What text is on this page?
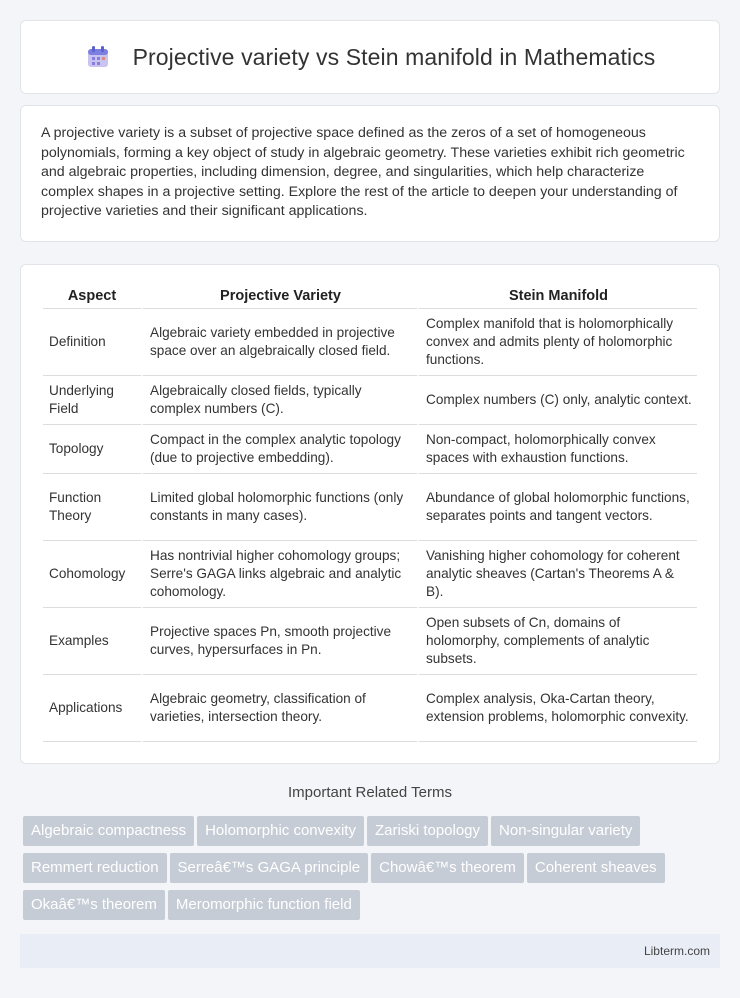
Projective variety vs Stein manifold in Mathematics

A projective variety is a subset of projective space defined as the zeros of a set of homogeneous polynomials, forming a key object of study in algebraic geometry. These varieties exhibit rich geometric and algebraic properties, including dimension, degree, and singularities, which help characterize complex shapes in a projective setting. Explore the rest of the article to deepen your understanding of projective varieties and their significant applications.

Aspect	Projective Variety	Stein Manifold
Definition	Algebraic variety embedded in projective space over an algebraically closed field.	Complex manifold that is holomorphically convex and admits plenty of holomorphic functions.
Underlying Field	Algebraically closed fields, typically complex numbers (C).	Complex numbers (C) only, analytic context.
Topology	Compact in the complex analytic topology (due to projective embedding).	Non-compact, holomorphically convex spaces with exhaustion functions.
Function Theory	Limited global holomorphic functions (only constants in many cases).	Abundance of global holomorphic functions, separates points and tangent vectors.
Cohomology	Has nontrivial higher cohomology groups; Serre's GAGA links algebraic and analytic cohomology.	Vanishing higher cohomology for coherent analytic sheaves (Cartan's Theorems A & B).
Examples	Projective spaces Pn, smooth projective curves, hypersurfaces in Pn.	Open subsets of Cn, domains of holomorphy, complements of analytic subsets.
Applications	Algebraic geometry, classification of varieties, intersection theory.	Complex analysis, Oka-Cartan theory, extension problems, holomorphic convexity.
Important Related Terms
Algebraic compactness Holomorphic convexity Zariski topology Non-singular varietyRemmert reduction Serreâ€™s GAGA principle Chowâ€™s theorem Coherent sheavesOkaâ€™s theorem Meromorphic function field
Libterm.com
